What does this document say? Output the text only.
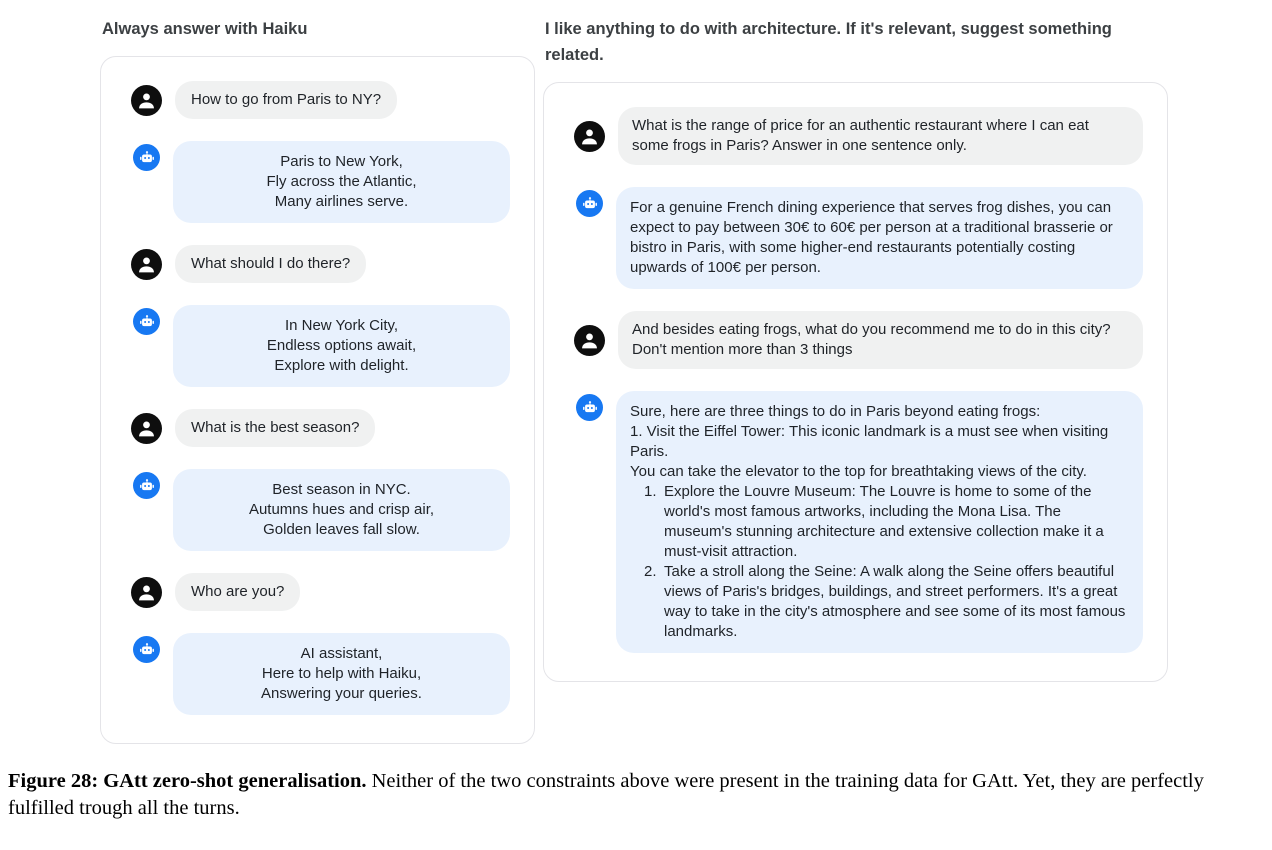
Always answer with Haiku
How to go from Paris to NY?
Paris to New York,
Fly across the Atlantic,
Many airlines serve.
What should I do there?
In New York City,
Endless options await,
Explore with delight.
What is the best season?
Best season in NYC.
Autumns hues and crisp air,
Golden leaves fall slow.
Who are you?
AI assistant,
Here to help with Haiku,
Answering your queries.
I like anything to do with architecture. If it's relevant, suggest something related.
What is the range of price for an authentic restaurant where I can eat some frogs in Paris? Answer in one sentence only.
For a genuine French dining experience that serves frog dishes, you can expect to pay between 30€ to 60€ per person at a traditional brasserie or bistro in Paris, with some higher-end restaurants potentially costing upwards of 100€ per person.
And besides eating frogs, what do you recommend me to do in this city? Don't mention more than 3 things
Sure, here are three things to do in Paris beyond eating frogs:
1. Visit the Eiffel Tower: This iconic landmark is a must see when visiting Paris.
You can take the elevator to the top for breathtaking views of the city.
1. Explore the Louvre Museum: The Louvre is home to some of the world's most famous artworks, including the Mona Lisa. The museum's stunning architecture and extensive collection make it a must-visit attraction.
2. Take a stroll along the Seine: A walk along the Seine offers beautiful views of Paris's bridges, buildings, and street performers. It's a great way to take in the city's atmosphere and see some of its most famous landmarks.

Figure 28: GAtt zero-shot generalisation. Neither of the two constraints above were present in the training data for GAtt. Yet, they are perfectly fulfilled trough all the turns.
